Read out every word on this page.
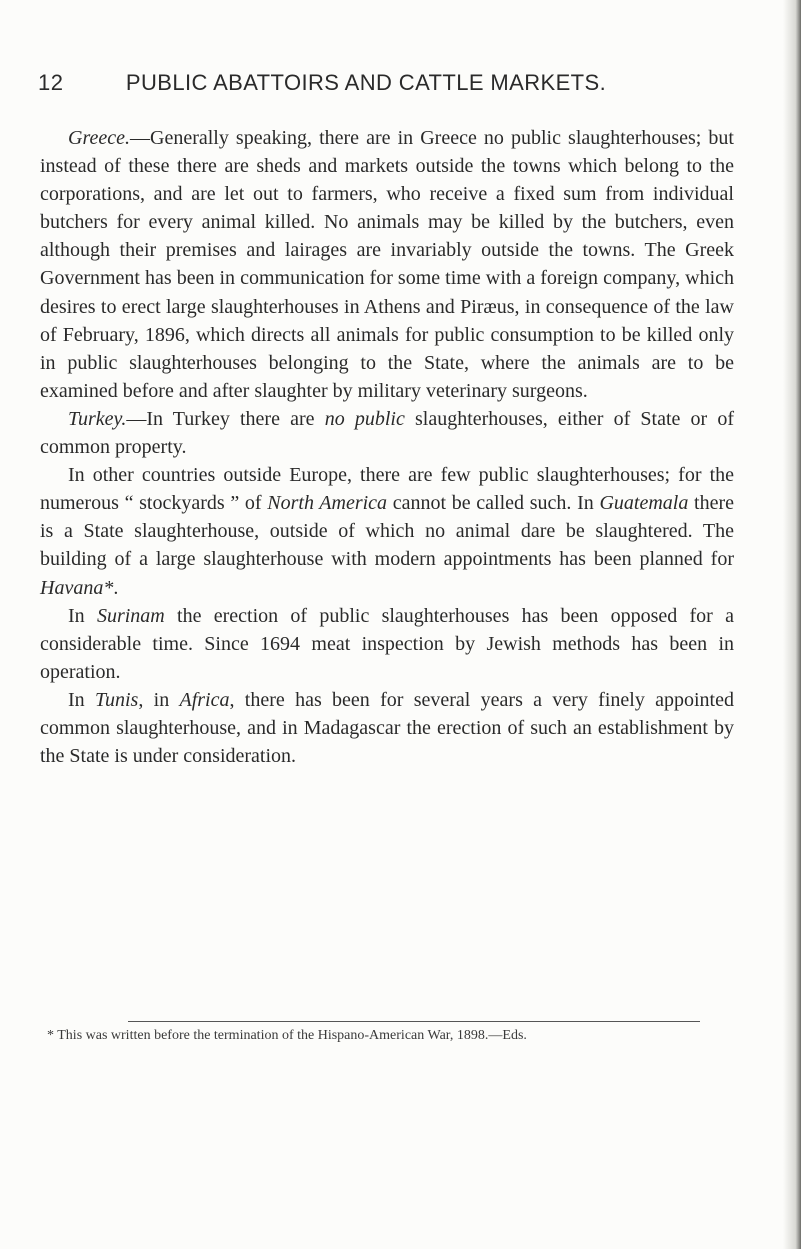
12	PUBLIC ABATTOIRS AND CATTLE MARKETS.

Greece.—Generally speaking, there are in Greece no public slaughterhouses; but instead of these there are sheds and markets outside the towns which belong to the corporations, and are let out to farmers, who receive a fixed sum from individual butchers for every animal killed. No animals may be killed by the butchers, even although their premises and lairages are invariably outside the towns. The Greek Government has been in communication for some time with a foreign company, which desires to erect large slaughterhouses in Athens and Piræus, in consequence of the law of February, 1896, which directs all animals for public consumption to be killed only in public slaughterhouses belonging to the State, where the animals are to be examined before and after slaughter by military veterinary surgeons.

Turkey.—In Turkey there are no public slaughterhouses, either of State or of common property.

In other countries outside Europe, there are few public slaughterhouses; for the numerous “ stockyards ” of North America cannot be called such. In Guatemala there is a State slaughterhouse, outside of which no animal dare be slaughtered. The building of a large slaughterhouse with modern appointments has been planned for Havana*.

In Surinam the erection of public slaughterhouses has been opposed for a considerable time. Since 1694 meat inspection by Jewish methods has been in operation.

In Tunis, in Africa, there has been for several years a very finely appointed common slaughterhouse, and in Madagascar the erection of such an establishment by the State is under consideration.

* This was written before the termination of the Hispano-American War, 1898.—Eds.
